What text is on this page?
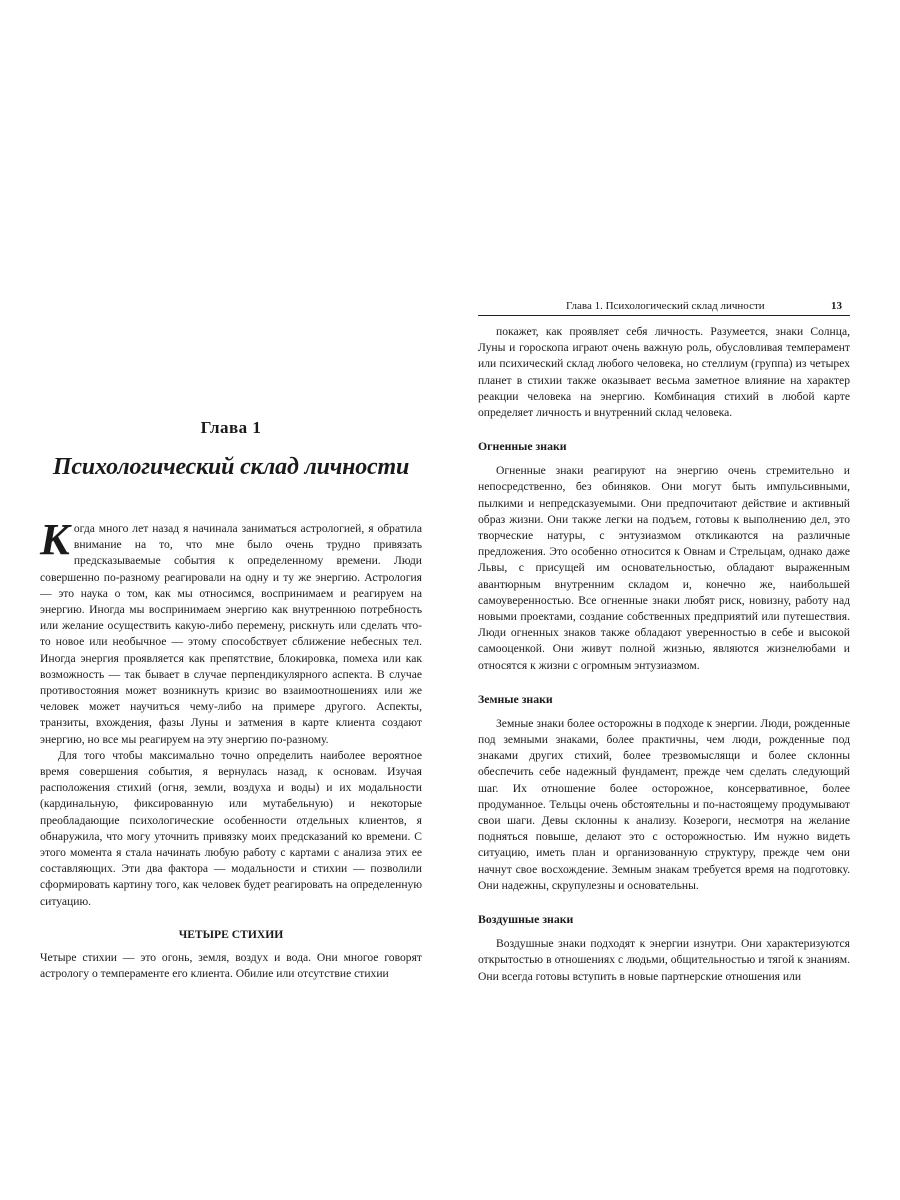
Глава 1
Психологический склад личности

Когда много лет назад я начинала заниматься астрологией, я обратила внимание на то, что мне было очень трудно привязать предсказываемые события к определенному времени. Люди совершенно по-разному реагировали на одну и ту же энергию. Астрология — это наука о том, как мы относимся, воспринимаем и реагируем на энергию. Иногда мы воспринимаем энергию как внутреннюю потребность или желание осуществить какую-либо перемену, рискнуть или сделать что-то новое или необычное — этому способствует сближение небесных тел. Иногда энергия проявляется как препятствие, блокировка, помеха или как возможность — так бывает в случае перпендикулярного аспекта. В случае противостояния может возникнуть кризис во взаимоотношениях или же человек может научиться чему-либо на примере другого. Аспекты, транзиты, вхождения, фазы Луны и затмения в карте клиента создают энергию, но все мы реагируем на эту энергию по-разному.

Для того чтобы максимально точно определить наиболее вероятное время совершения события, я вернулась назад, к основам. Изучая расположения стихий (огня, земли, воздуха и воды) и их модальности (кардинальную, фиксированную или мутабельную) и некоторые преобладающие психологические особенности отдельных клиентов, я обнаружила, что могу уточнить привязку моих предсказаний ко времени. С этого момента я стала начинать любую работу с картами с анализа этих ее составляющих. Эти два фактора — модальности и стихии — позволили сформировать картину того, как человек будет реагировать на определенную ситуацию.

ЧЕТЫРЕ СТИХИИ

Четыре стихии — это огонь, земля, воздух и вода. Они многое говорят астрологу о темпераменте его клиента. Обилие или отсутствие стихии

Глава 1. Психологический склад личности	13

покажет, как проявляет себя личность. Разумеется, знаки Солнца, Луны и гороскопа играют очень важную роль, обусловливая темперамент или психический склад любого человека, но стеллиум (группа) из четырех планет в стихии также оказывает весьма заметное влияние на характер реакции человека на энергию. Комбинация стихий в любой карте определяет личность и внутренний склад человека.

Огненные знаки

Огненные знаки реагируют на энергию очень стремительно и непосредственно, без обиняков. Они могут быть импульсивными, пылкими и непредсказуемыми. Они предпочитают действие и активный образ жизни. Они также легки на подъем, готовы к выполнению дел, это творческие натуры, с энтузиазмом откликаются на различные предложения. Это особенно относится к Овнам и Стрельцам, однако даже Львы, с присущей им основательностью, обладают выраженным авантюрным внутренним складом и, конечно же, наибольшей самоуверенностью. Все огненные знаки любят риск, новизну, работу над новыми проектами, создание собственных предприятий или путешествия. Люди огненных знаков также обладают уверенностью в себе и высокой самооценкой. Они живут полной жизнью, являются жизнелюбами и относятся к жизни с огромным энтузиазмом.

Земные знаки

Земные знаки более осторожны в подходе к энергии. Люди, рожденные под земными знаками, более практичны, чем люди, рожденные под знаками других стихий, более трезвомыслящи и более склонны обеспечить себе надежный фундамент, прежде чем сделать следующий шаг. Их отношение более осторожное, консервативное, более продуманное. Тельцы очень обстоятельны и по-настоящему продумывают свои шаги. Девы склонны к анализу. Козероги, несмотря на желание подняться повыше, делают это с осторожностью. Им нужно видеть ситуацию, иметь план и организованную структуру, прежде чем они начнут свое восхождение. Земным знакам требуется время на подготовку. Они надежны, скрупулезны и основательны.

Воздушные знаки

Воздушные знаки подходят к энергии изнутри. Они характеризуются открытостью в отношениях с людьми, общительностью и тягой к знаниям. Они всегда готовы вступить в новые партнерские отношения или
